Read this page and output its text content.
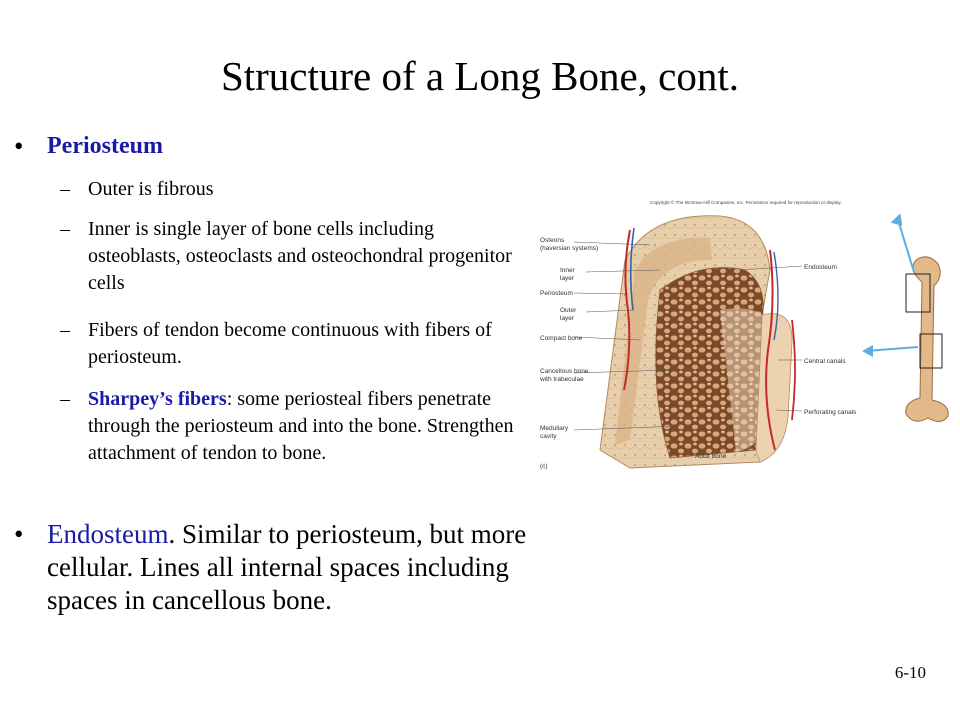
Structure of a Long Bone, cont.
• Periosteum
– Outer is fibrous
– Inner is single layer of bone cells including osteoblasts, osteoclasts and osteochondral progenitor cells
– Fibers of tendon become continuous with fibers of periosteum.
– Sharpey’s fibers: some periosteal fibers penetrate through the periosteum and into the bone. Strengthen attachment of tendon to bone.
• Endosteum. Similar to periosteum, but more cellular. Lines all internal spaces including spaces in cancellous bone.
Copyright © The McGraw-Hill Companies, Inc. Permission required for reproduction or display.
Osteons
(haversian systems)
Inner
layer
Periosteum
Outer
layer
Compact bone
Cancellous bone
with trabeculae
Medullary
cavity
(c)
Endosteum
Central canals
Perforating canals
Adult bone
6-10
